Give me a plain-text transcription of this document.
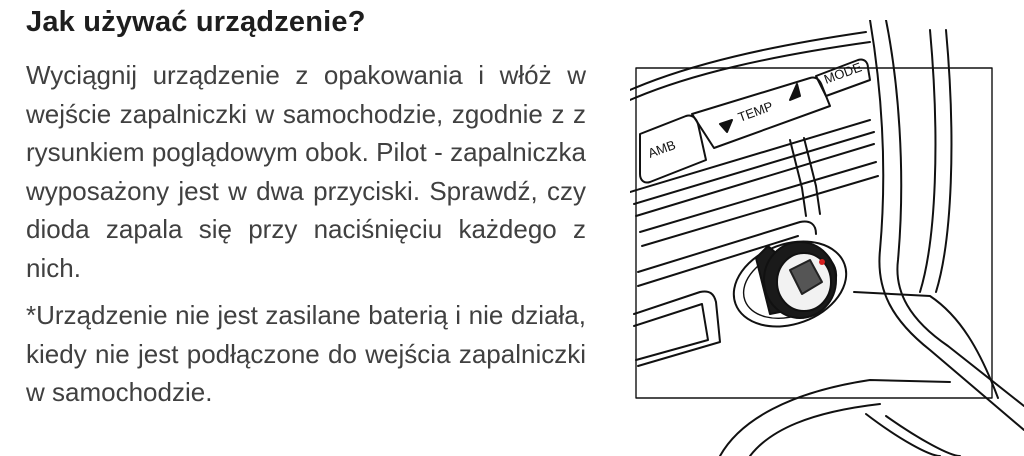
Jak używać urządzenie?

Wyciągnij urządzenie z opakowania i włóż w wejście zapalniczki w samochodzie, zgodnie z z rysunkiem poglądowym obok. Pilot - zapalniczka wyposażony jest w dwa przyciski. Sprawdź, czy dioda zapala się przy naciśnięciu każdego z nich.

*Urządzenie nie jest zasilane baterią i nie działa, kiedy nie jest podłączone do wejścia zapalniczki w samochodzie.

AMB
TEMP
MODE
